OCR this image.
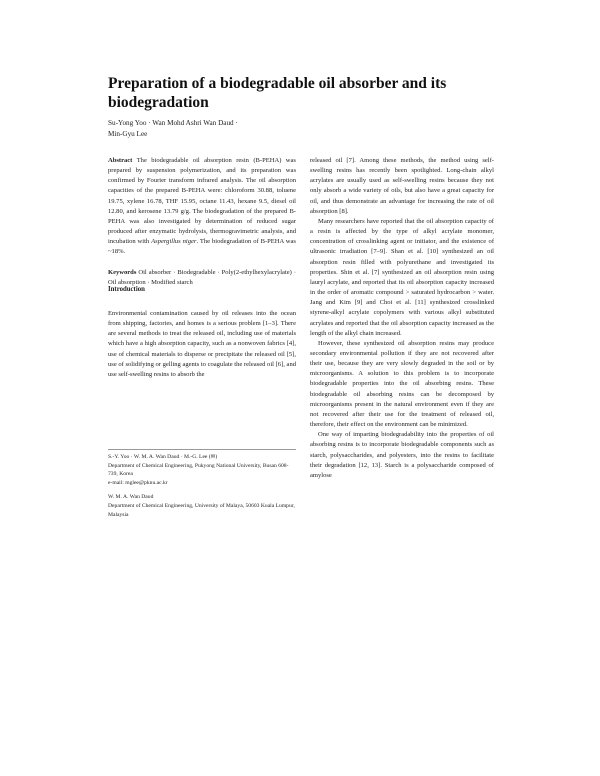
Preparation of a biodegradable oil absorber and its biodegradation
Su-Yong Yoo · Wan Mohd Ashri Wan Daud ·
Min-Gyu Lee

Abstract The biodegradable oil absorption resin (B-PEHA) was prepared by suspension polymerization, and its preparation was confirmed by Fourier transform infrared analysis. The oil absorption capacities of the prepared B-PEHA were: chloroform 30.88, toluene 19.75, xylene 16.78, THF 15.95, octane 11.43, hexane 9.5, diesel oil 12.80, and kerosene 13.79 g/g. The biodegradation of the prepared B-PEHA was also investigated by determination of reduced sugar produced after enzymatic hydrolysis, thermogravimetric analysis, and incubation with Aspergillus niger. The biodegradation of B-PEHA was ~18%.

Keywords Oil absorber · Biodegradable · Poly(2-ethylhexylacrylate) · Oil absorption · Modified starch

Introduction

Environmental contamination caused by oil releases into the ocean from shipping, factories, and homes is a serious problem [1–3]. There are several methods to treat the released oil, including use of materials which have a high absorption capacity, such as a nonwoven fabrics [4], use of chemical materials to disperse or precipitate the released oil [5], use of solidifying or gelling agents to coagulate the released oil [6], and use self-swelling resins to absorb the

S.-Y. Yoo · W. M. A. Wan Daud · M.-G. Lee (✉)

Department of Chemical Engineering, Pukyong National University, Busan 608-739, Korea

e-mail: mglee@pknu.ac.kr

W. M. A. Wan Daud

Department of Chemical Engineering, University of Malaya, 50603 Kuala Lumpur, Malaysia

released oil [7]. Among these methods, the method using self-swelling resins has recently been spotlighted. Long-chain alkyl acrylates are usually used as self-swelling resins because they not only absorb a wide variety of oils, but also have a great capacity for oil, and thus demonstrate an advantage for increasing the rate of oil absorption [8].

Many researchers have reported that the oil absorption capacity of a resin is affected by the type of alkyl acrylate monomer, concentration of crosslinking agent or initiator, and the existence of ultrasonic irradiation [7–9]. Shan et al. [10] synthesized an oil absorption resin filled with polyurethane and investigated its properties. Shin et al. [7] synthesized an oil absorption resin using lauryl acrylate, and reported that its oil absorption capacity increased in the order of aromatic compound > saturated hydrocarbon > water. Jang and Kim [9] and Choi et al. [11] synthesized crosslinked styrene-alkyl acrylate copolymers with various alkyl substituted acrylates and reported that the oil absorption capacity increased as the length of the alkyl chain increased.

However, these synthesized oil absorption resins may produce secondary environmental pollution if they are not recovered after their use, because they are very slowly degraded in the soil or by microorganisms. A solution to this problem is to incorporate biodegradable properties into the oil absorbing resins. These biodegradable oil absorbing resins can be decomposed by microorganisms present in the natural environment even if they are not recovered after their use for the treatment of released oil, therefore, their effect on the environment can be minimized.

One way of imparting biodegradability into the properties of oil absorbing resins is to incorporate biodegradable components such as starch, polysaccharides, and polyesters, into the resins to facilitate their degradation [12, 13]. Starch is a polysaccharide composed of amylose
